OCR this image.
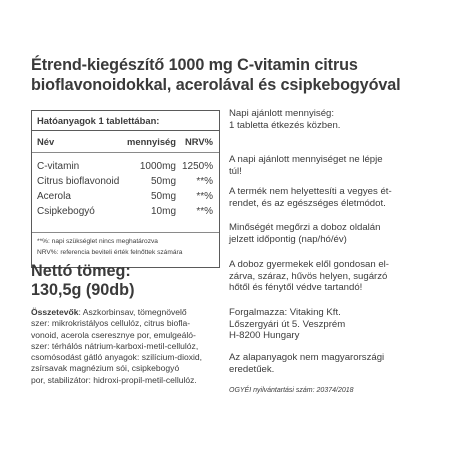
Étrend-kiegészítő 1000 mg C-vitamin citrus
bioflavonoidokkal, acerolával és csipkebogyóval
Hatóanyagok 1 tablettában:
Név	mennyiség NRV%
C-vitamin	1000mg 1250%
Citrus bioflavonoid	50mg	**%
Acerola	50mg	**%
Csipkebogyó	10mg	**%
**%: napi szükséglet nincs meghatározva
NRV%: referencia beviteli érték felnőttek számára
Nettó tömeg:
130,5g (90db)
Összetevők: Aszkorbinsav, tömegnövelő
szer: mikrokristályos cellulóz, citrus biofla-
vonoid, acerola cseresznye por, emulgeáló-
szer: térhálós nátrium-karboxi-metil-cellulóz,
csomósodást gátló anyagok: szilícium-dioxid,
zsírsavak magnézium sói, csipkebogyó
por, stabilizátor: hidroxi-propil-metil-cellulóz.
Napi ajánlott mennyiség:
1 tabletta étkezés közben.
A napi ajánlott mennyiséget ne lépje
túl!
A termék nem helyettesíti a vegyes ét-
rendet, és az egészséges életmódot.
Minőségét megőrzi a doboz oldalán
jelzett időpontig (nap/hó/év)
A doboz gyermekek elől gondosan el-
zárva, száraz, hűvös helyen, sugárzó
hőtől és fénytől védve tartandó!
Forgalmazza: Vitaking Kft.
Lőszergyári út 5. Veszprém
H-8200 Hungary
Az alapanyagok nem magyarországi
eredetűek.
OGYÉI nyilvántartási szám: 20374/2018
